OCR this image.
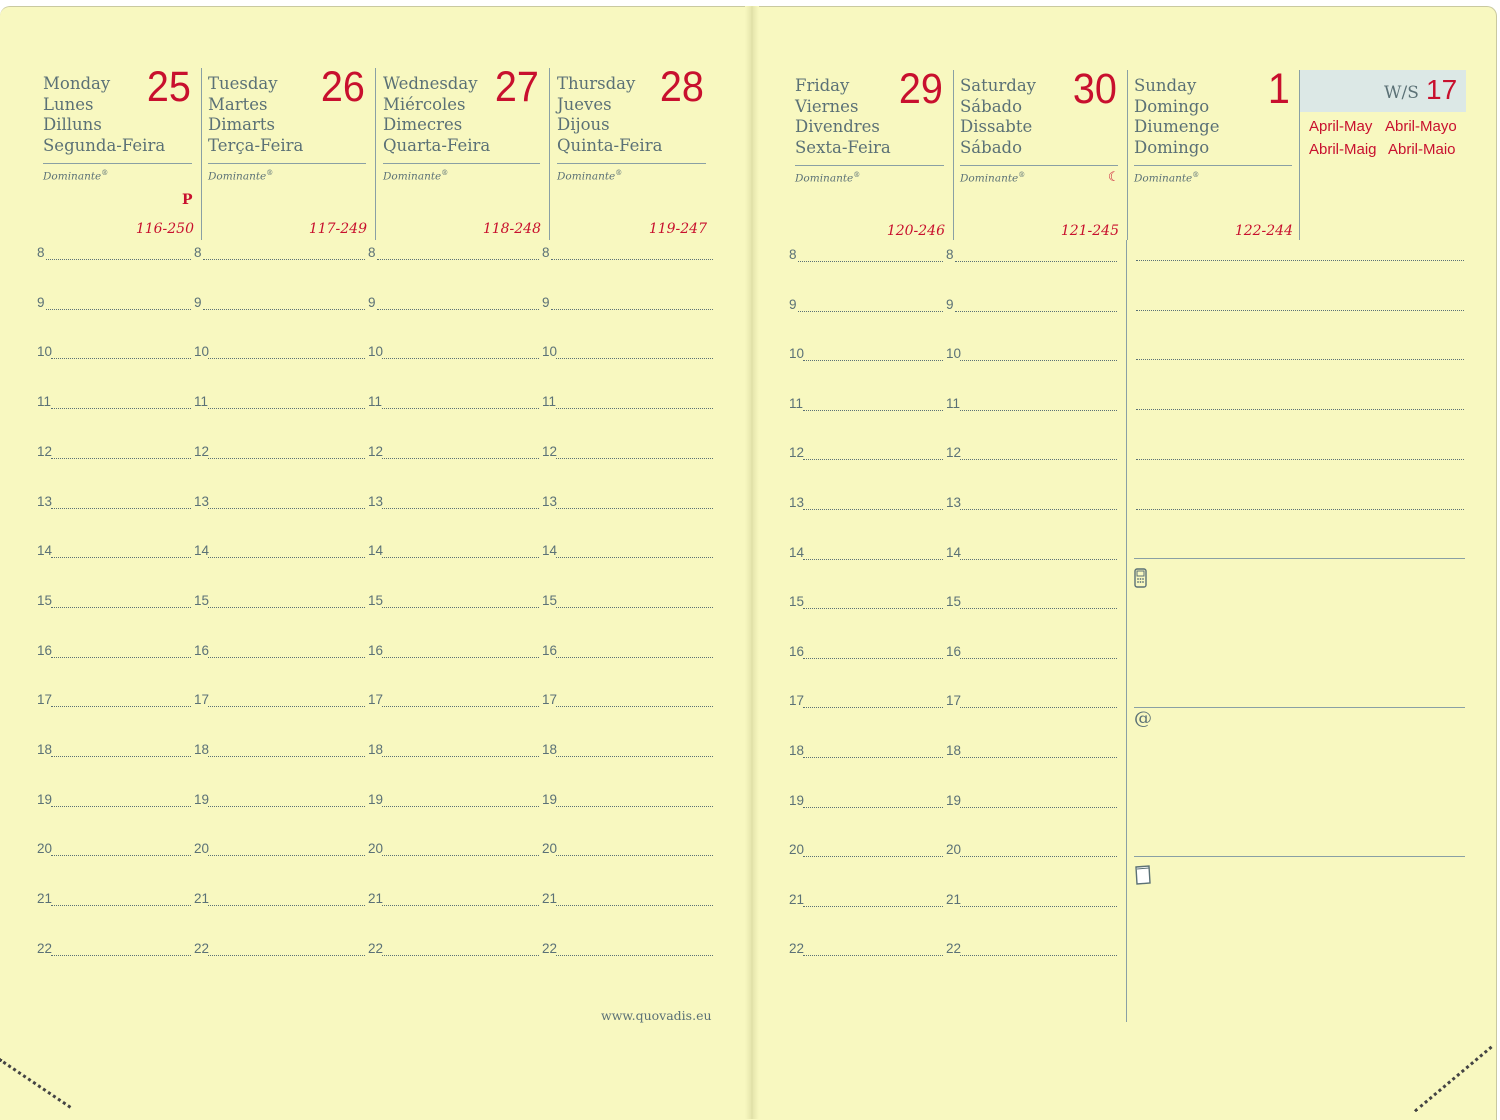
8	8	8	8
9	9	9	9
10	10	10	10
11	11	11	11
12	12	12	12
13	13	13	13
14	14	14	14
15	15	15	15
16	16	16	16
17	17	17	17
18	18	18	18
19	19	19	19
20	20	20	20
21	21	21	21
22	22	22	22
8	8
9	9
10	10
11	11
12	12
13	13
14	14
15	15
16	16
17	17
18	18
19	19
20	20
21	21
22	22
Monday
Lunes
Dilluns
Segunda-Feira
25
Dominante®
P
116-250
Tuesday
Martes
Dimarts
Terça-Feira
26
Dominante®
117-249
Wednesday
Miércoles
Dimecres
Quarta-Feira
27
Dominante®
118-248
Thursday
Jueves
Dijous
Quinta-Feira
28
Dominante®
119-247
Friday
Viernes
Divendres
Sexta-Feira
29
Dominante®
120-246
Saturday
Sábado
Dissabte
Sábado
30
Dominante®	☾
121-245
Sunday
Domingo
Diumenge
Domingo
1
Dominante®
122-244
W/S 17
April-May Abril-Mayo
Abril-Maig Abril-Maio
@
www.quovadis.eu
